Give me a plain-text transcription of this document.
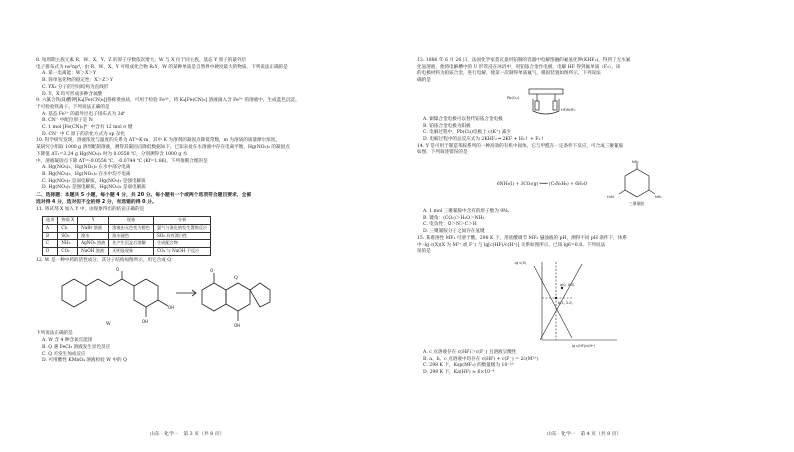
8. 短周期主族元素 R、W、X、Y、Z 的原子序数依次增大，W 与 X 位于同主族，基态 Y 原子的最外层
电子排布式为 ns²np⁴，由 R、W、X、Y 可组成化合物 R₂Y，W 的某种单质是自然界中硬度最大的物质，下列说法正确的是

A. 第一电离能：W＞X＞Y

B. 简单氢化物的稳定性：X＞Z＞Y

C. YX₂ 分子的空间结构为直线形

D. Y、X 均可形成多种含氧酸

9. 六氰合铁(Ⅱ)酸钾[K₄[Fe(CN)₆]]俗称黄血盐，可用于检验 Fe³⁺。将 K₄[Fe(CN)₆] 溶液滴入含 Fe³⁺ 的溶液中，生成蓝色沉淀。
于可检验铁离子。下列说法正确的是

A. 基态 Fe²⁺ 的最外层电子排布式为 3d⁶

B. CN⁻ 中配位原子是 N

C. 1 mol [Fe(CN)₆]⁴⁻ 中含有 12 mol σ 键

D. CN⁻ 中 C 原子的杂化方式为 sp 杂化

10. 科学研究发现，溶液浓度与温度的关系为 ΔT=K·m，其中 K 为溶剂的凝固点降低常数，m 为溶质的质量摩尔浓度。
某研究小组取 1000 g 溶剂配制溶液，测得其凝固点降低数据如下。已知汞盐在水溶液中存在电离平衡，Hg(NO₃)₂ 的凝固点
下降值 ΔT₁=3.24 g Hg(NO₃)₂ 时为 0.0558 ℃，分别测得含 1000 g 水
中，溶液凝固点下降 ΔT=-0.0558 ℃，-0.0744 ℃ (Kf=1.86)。下列推断合理的是

A. Hg(NO₃)₂、Hg(NO₃)₂ 在水中部分电离

B. Hg(NO₃)₂、Hg(NO₃)₂ 在水中均不电离

C. Hg(NO₃)₂ 是弱电解质，Hg(NO₃)₂ 是强电解质

D. Hg(NO₃)₂ 是强电解质，Hg(NO₃)₂ 是弱电解质

二、选择题：本题共 5 小题，每小题 4 分，共 20 分。每小题有一个或两个选项符合题目要求，全部
选对得 4 分，选对但不全的得 2 分，有选错的得 0 分。

11. 将试剂 X 加入 Y 中，由现象得出的结论正确的是

选项	物质 X	Y	现象	分析
A	Cl₂	NaBr 溶液	溶液由无色变为橙色	氯气与溴化钠发生置换反应
B	SO₂	溴水	溴水褪色	SO₂ 具有漂白性
C	NH₃	AgNO₃ 溶液	先产生沉淀后溶解	生成配合物
D	CO₂	NaOH 溶液	无明显现象	CO₂ 与 NaOH 不反应

12. W 是一种中药的活性成分，其分子结构如图所示，用它合成 Q：

O
OH
OH
O
OH
W
Q

下列说法正确的是

A. W 含 4 种含氧官能团

B. Q 遇 FeCl₃ 溶液发生显色反应

C. Q 可发生加成反应

D. 可用酸性 KMnO₄ 溶液检验 W 中的 Q

山东 · 化学一　第 3 页（共 8 页）

13. 1886 年 6 月 26 日，法国化学家莫瓦桑用铂制的容器中电解熔融的氟氢化钾(KHF₂)，得到了无水氟
化氢溶液，他将电解槽中的 U 形管浸在冰浴中，用铂铱合金作电极，电解 HF 得到氟单质（F₂）。该
的电极材料为铂铱合金，进行电解，使第一次制得单质氟气，模拟装置如图所示，下列说法
确的是

Pb(Cu)
HF/KHF₂

A. 铜镍合金电极可以替代铂铱合金电极

B. 铂铱合金电极为阳极

C. 电解过程中，Pb(Cu)电极上 c(K⁺) 减少

D. 电解过程中的总反应式为 2KHF₂ ═ 2KF + H₂↑ + F₂↑

14. Y 是可用于制造苯胺系列的一种高效的有机中间体，它与甲醛在一定条件下反应，可合成三聚氰胺
如图，下列叙述错误的是

6NH₃(l) + 3CO₂(g) ═══ (C₃N₆H₆) + 6H₂O
NH₂
NH₂
H₂N
三聚氰胺

A. 1 mol 三聚氰胺中含有的原子数为 9Nₐ

B. 键角：(CO₂)＞H₂O＞NH₃

C. 电负性：O＞N＞C＞H

D. 三聚氰胺分子之间存在氢键

15. 某难溶性 MF₂ 可溶于酸。298 K 下，用盐酸调节 MF₂ 悬浊液的 pH，测得不同 pH 条件下，体系
中 -lg c(X)(X 为 M²⁺ 或 F⁻) 与 lg[c(HF)/c(H⁺)] 关系如图所示。已知 lg6=0.8。下列说法
误的是

a(0, 0.0)
b(1, 3.2)
lg c(HF)/c(H⁺)
-lg c(X)

A. c 点溶液存在 c(HF)＞c(F⁻) 且溶液呈酸性

B. a、b、c 点溶液中均存在 c(HF) + c(F⁻) = 2c(M²⁺)

C. 298 K 下，Ksp(MF₂) 的数量级为 10⁻¹⁰

D. 298 K 下，Ka(HF) ≈ 6×10⁻⁴

山东 · 化学一　第 4 页（共 8 页）
